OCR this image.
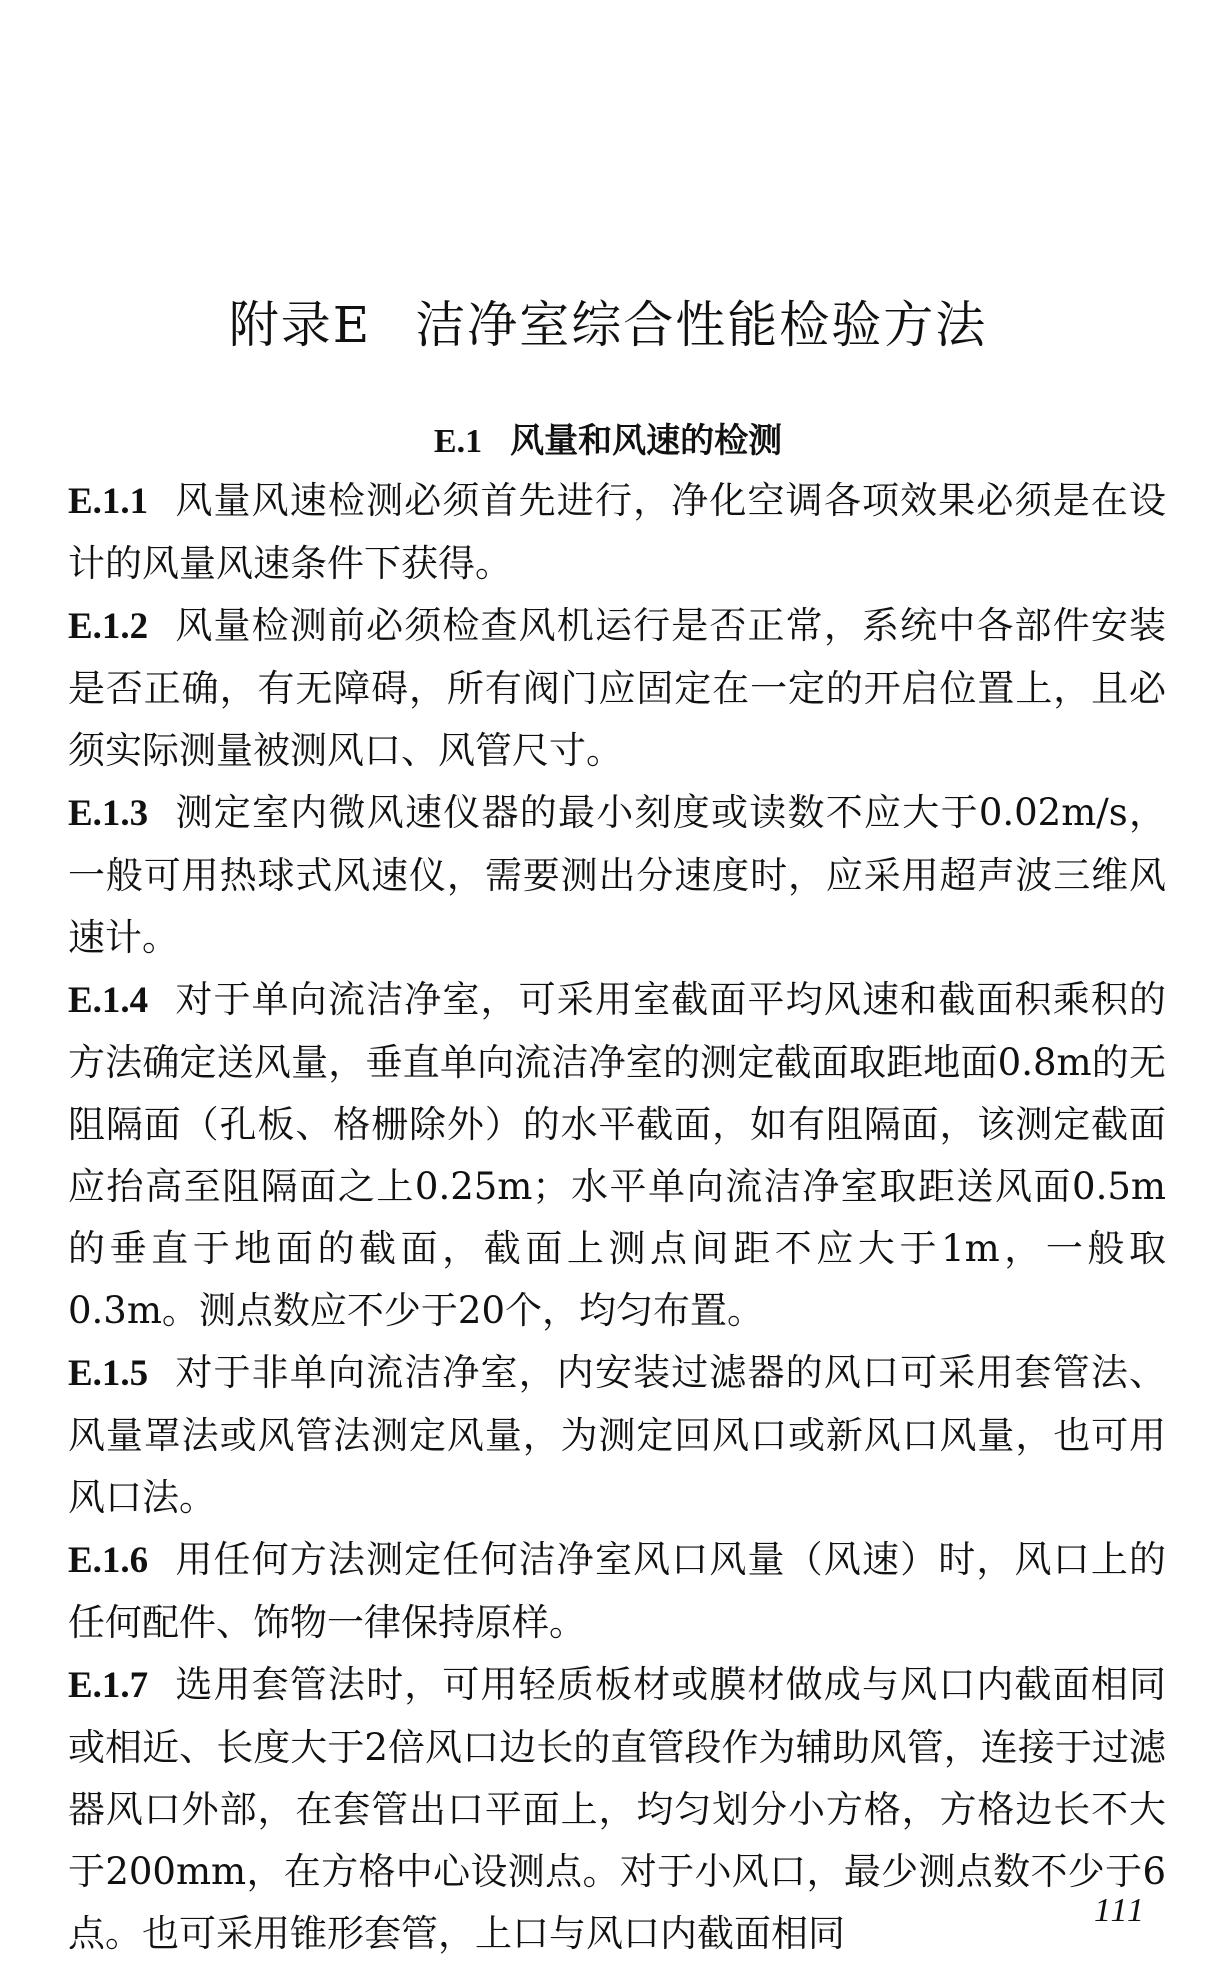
附录E 洁净室综合性能检验方法
E.1 风量和风速的检测

E.1.1 风量风速检测必须首先进行，净化空调各项效果必须是在设计的风量风速条件下获得。

E.1.2 风量检测前必须检查风机运行是否正常，系统中各部件安装是否正确，有无障碍，所有阀门应固定在一定的开启位置上，且必须实际测量被测风口、风管尺寸。

E.1.3 测定室内微风速仪器的最小刻度或读数不应大于0.02m/s，一般可用热球式风速仪，需要测出分速度时，应采用超声波三维风速计。

E.1.4 对于单向流洁净室，可采用室截面平均风速和截面积乘积的方法确定送风量，垂直单向流洁净室的测定截面取距地面0.8m的无阻隔面（孔板、格栅除外）的水平截面，如有阻隔面，该测定截面应抬高至阻隔面之上0.25m；水平单向流洁净室取距送风面0.5m的垂直于地面的截面，截面上测点间距不应大于1m，一般取0.3m。测点数应不少于20个，均匀布置。

E.1.5 对于非单向流洁净室，内安装过滤器的风口可采用套管法、风量罩法或风管法测定风量，为测定回风口或新风口风量，也可用风口法。

E.1.6 用任何方法测定任何洁净室风口风量（风速）时，风口上的任何配件、饰物一律保持原样。

E.1.7 选用套管法时，可用轻质板材或膜材做成与风口内截面相同或相近、长度大于2倍风口边长的直管段作为辅助风管，连接于过滤器风口外部，在套管出口平面上，均匀划分小方格，方格边长不大于200mm，在方格中心设测点。对于小风口，最少测点数不少于6点。也可采用锥形套管，上口与风口内截面相同

111
